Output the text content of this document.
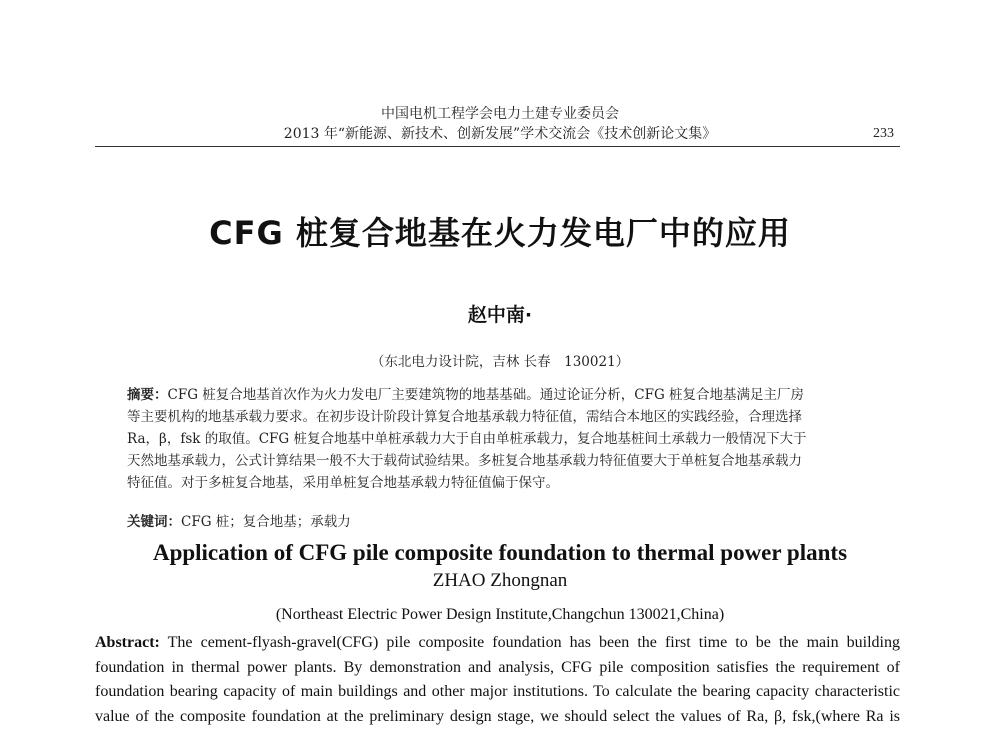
中国电机工程学会电力土建专业委员会
2013 年“新能源、新技术、创新发展”学术交流会《技术创新论文集》	233
CFG 桩复合地基在火力发电厂中的应用
赵中南·
（东北电力设计院，吉林 长春　130021）
摘要：CFG 桩复合地基首次作为火力发电厂主要建筑物的地基基础。通过论证分析，CFG 桩复合地基满足主厂房
等主要机构的地基承载力要求。在初步设计阶段计算复合地基承载力特征值，需结合本地区的实践经验，合理选择
Ra，β，fsk 的取值。CFG 桩复合地基中单桩承载力大于自由单桩承载力，复合地基桩间土承载力一般情况下大于
天然地基承载力，公式计算结果一般不大于载荷试验结果。多桩复合地基承载力特征值要大于单桩复合地基承载力
特征值。对于多桩复合地基，采用单桩复合地基承载力特征值偏于保守。
关键词：CFG 桩；复合地基；承载力
Application of CFG pile composite foundation to thermal power plants
ZHAO Zhongnan
(Northeast Electric Power Design Institute,Changchun 130021,China)
Abstract: The cement-flyash-gravel(CFG) pile composite foundation has been the first time to be the main building
foundation in thermal power plants. By demonstration and analysis, CFG pile composition satisfies the requirement of
foundation bearing capacity of main buildings and other major institutions. To calculate the bearing capacity characteristic
value of the composite foundation at the preliminary design stage, we should select the values of Ra, β, fsk,(where Ra is
